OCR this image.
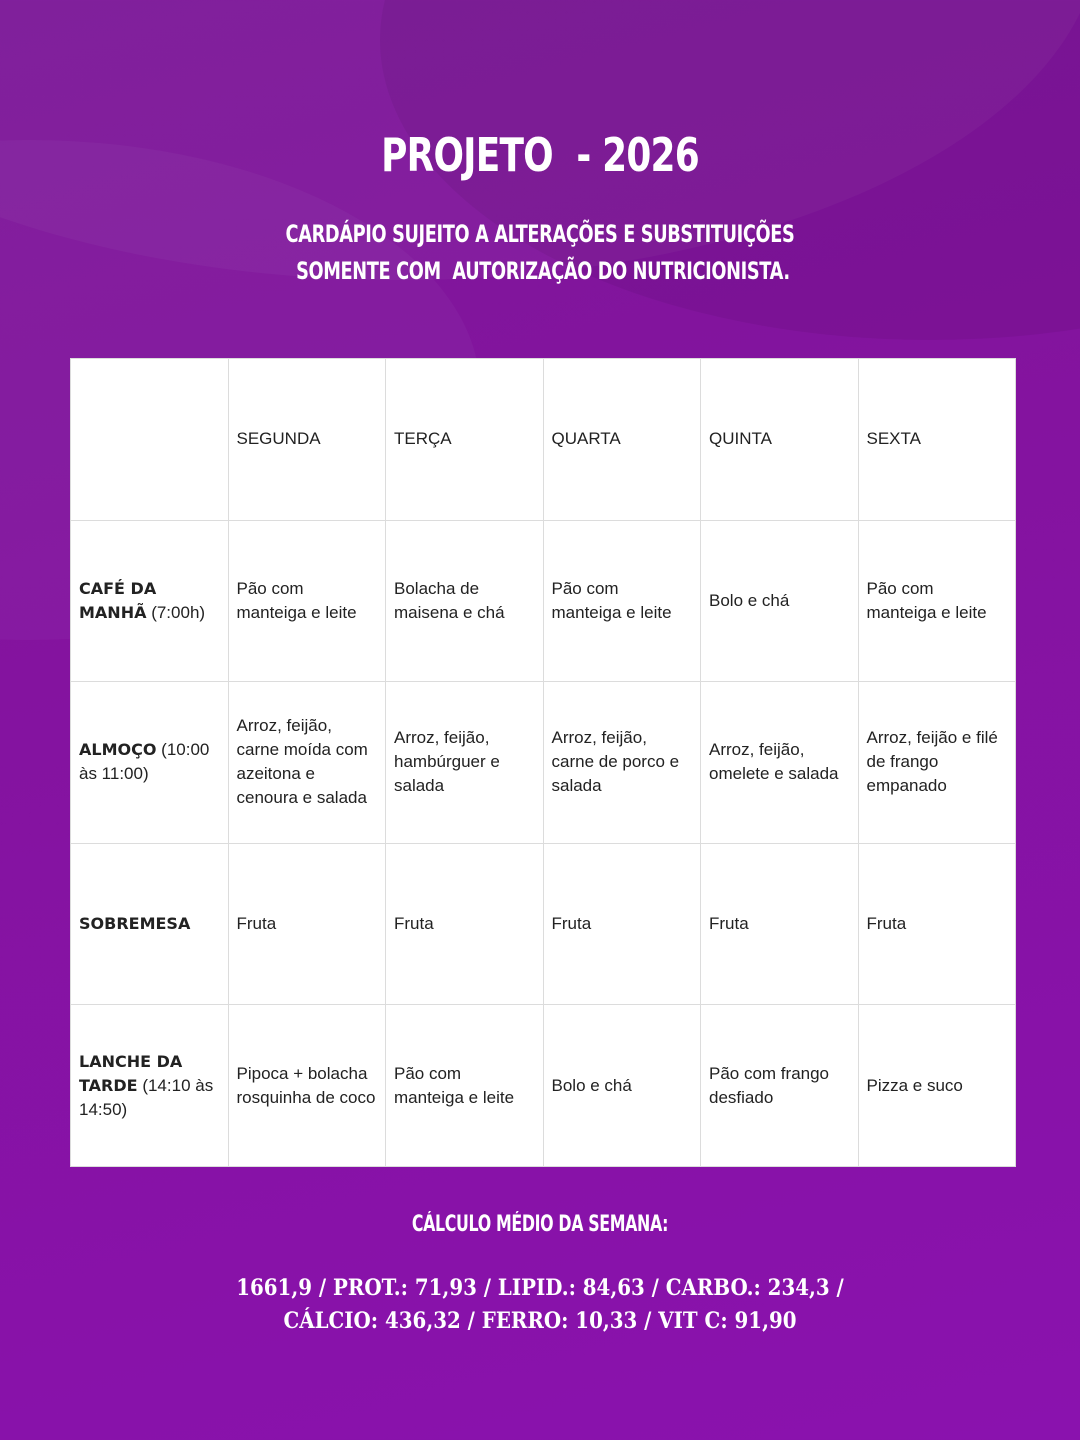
PROJETO  - 2026
CARDÁPIO SUJEITO A ALTERAÇÕES E SUBSTITUIÇÕES
SOMENTE COM  AUTORIZAÇÃO DO NUTRICIONISTA.
	SEGUNDA	TERÇA	QUARTA	QUINTA	SEXTA
CAFÉ DA MANHÃ (7:00h)	Pão com manteiga e leite	Bolacha de maisena e chá	Pão com manteiga e leite	Bolo e chá	Pão com manteiga e leite
ALMOÇO (10:00 às 11:00)	Arroz, feijão, carne moída com azeitona e cenoura e salada	Arroz, feijão, hambúrguer e salada	Arroz, feijão, carne de porco e salada	Arroz, feijão, omelete e salada	Arroz, feijão e filé de frango empanado
SOBREMESA	Fruta	Fruta	Fruta	Fruta	Fruta
LANCHE DA TARDE (14:10 às 14:50)	Pipoca + bolacha rosquinha de coco	Pão com manteiga e leite	Bolo e chá	Pão com frango desfiado	Pizza e suco
CÁLCULO MÉDIO DA SEMANA:
1661,9 / PROT.: 71,93 / LIPID.: 84,63 / CARBO.: 234,3 /
CÁLCIO: 436,32 / FERRO: 10,33 / VIT C: 91,90
